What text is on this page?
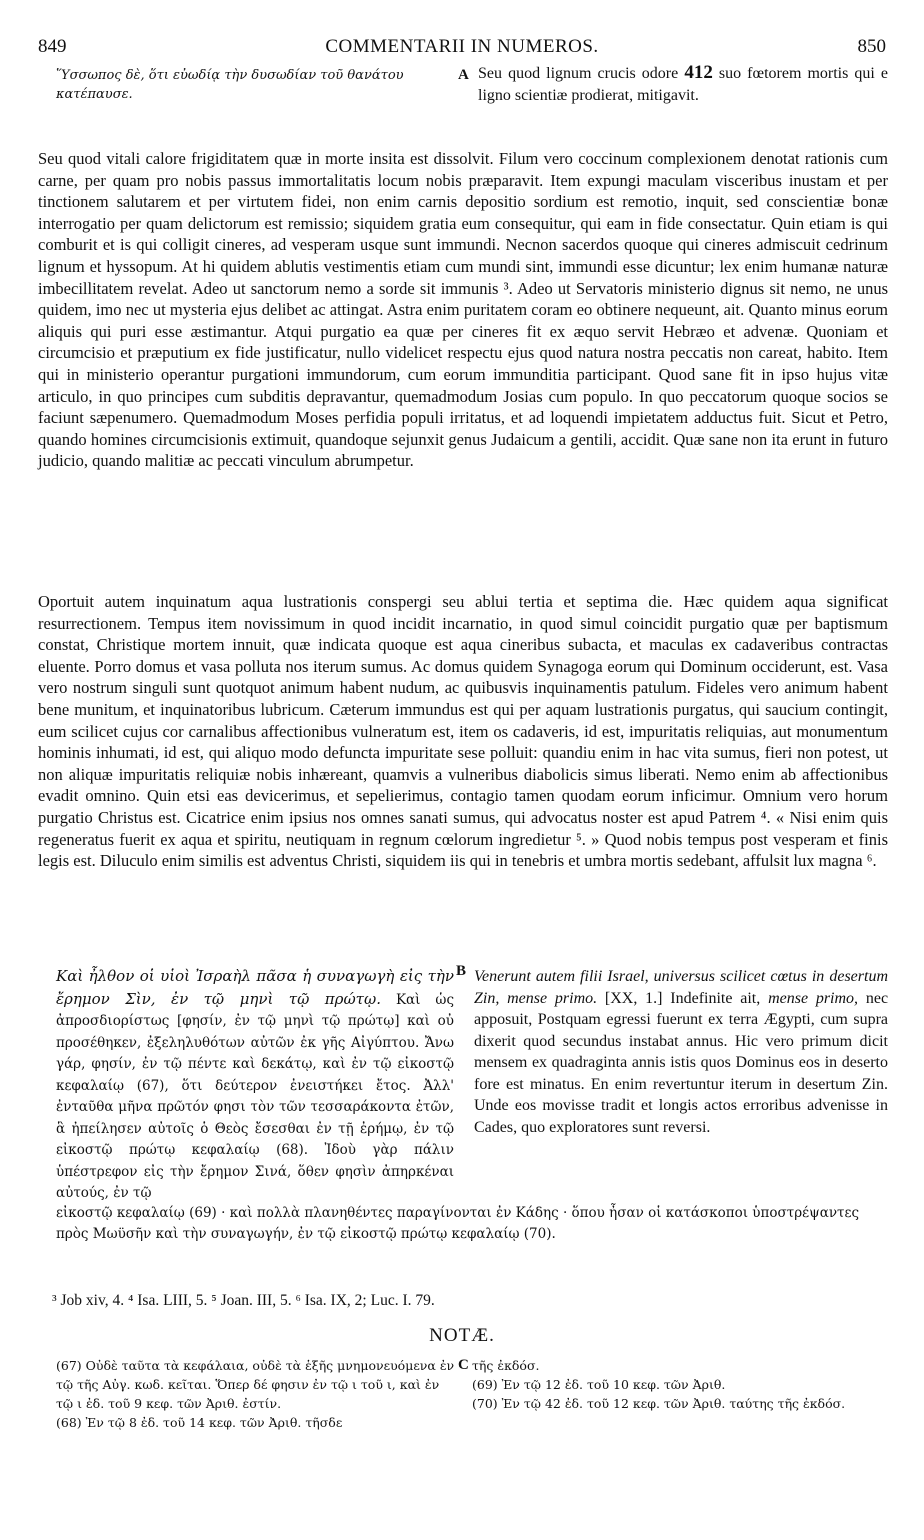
849	COMMENTARII IN NUMEROS.	850
Ὕσσωπος δὲ, ὅτι εὐωδίᾳ τὴν δυσωδίαν τοῦ θανάτου κατέπαυσε.
A Seu quod lignum crucis odore 412 suo fœtorem mortis qui e ligno scientiæ prodierat, mitigavit.

Seu quod vitali calore frigiditatem quæ in morte insita est dissolvit. Filum vero coccinum complexionem denotat rationis cum carne, per quam pro nobis passus immortalitatis locum nobis præparavit. Item expungi maculam visceribus inustam et per tinctionem salutarem et per virtutem fidei, non enim carnis depositio sordium est remotio, inquit, sed conscientiæ bonæ interrogatio per quam delictorum est remissio; siquidem gratia eum consequitur, qui eam in fide consectatur. Quin etiam is qui comburit et is qui colligit cineres, ad vesperam usque sunt immundi. Necnon sacerdos quoque qui cineres admiscuit cedrinum lignum et hyssopum. At hi quidem ablutis vestimentis etiam cum mundi sint, immundi esse dicuntur; lex enim humanæ naturæ imbecillitatem revelat. Adeo ut sanctorum nemo a sorde sit immunis ³. Adeo ut Servatoris ministerio dignus sit nemo, ne unus quidem, imo nec ut mysteria ejus delibet ac attingat. Astra enim puritatem coram eo obtinere nequeunt, ait. Quanto minus eorum aliquis qui puri esse æstimantur. Atqui purgatio ea quæ per cineres fit ex æquo servit Hebræo et advenæ. Quoniam et circumcisio et præputium ex fide justificatur, nullo videlicet respectu ejus quod natura nostra peccatis non careat, habito. Item qui in ministerio operantur purgationi immundorum, cum eorum immunditia participant. Quod sane fit in ipso hujus vitæ articulo, in quo principes cum subditis depravantur, quemadmodum Josias cum populo. In quo peccatorum quoque socios se faciunt sæpenumero. Quemadmodum Moses perfidia populi irritatus, et ad loquendi impietatem adductus fuit. Sicut et Petro, quando homines circumcisionis extimuit, quandoque sejunxit genus Judaicum a gentili, accidit. Quæ sane non ita erunt in futuro judicio, quando malitiæ ac peccati vinculum abrumpetur.

Oportuit autem inquinatum aqua lustrationis conspergi seu ablui tertia et septima die. Hæc quidem aqua significat resurrectionem. Tempus item novissimum in quod incidit incarnatio, in quod simul coincidit purgatio quæ per baptismum constat, Christique mortem innuit, quæ indicata quoque est aqua cineribus subacta, et maculas ex cadaveribus contractas eluente. Porro domus et vasa polluta nos iterum sumus. Ac domus quidem Synagoga eorum qui Dominum occiderunt, est. Vasa vero nostrum singuli sunt quotquot animum habent nudum, ac quibusvis inquinamentis patulum. Fideles vero animum habent bene munitum, et inquinatoribus lubricum. Cæterum immundus est qui per aquam lustrationis purgatus, qui saucium contingit, eum scilicet cujus cor carnalibus affectionibus vulneratum est, item os cadaveris, id est, impuritatis reliquias, aut monumentum hominis inhumati, id est, qui aliquo modo defuncta impuritate sese polluit: quandiu enim in hac vita sumus, fieri non potest, ut non aliquæ impuritatis reliquiæ nobis inhæreant, quamvis a vulneribus diabolicis simus liberati. Nemo enim ab affectionibus evadit omnino. Quin etsi eas devicerimus, et sepelierimus, contagio tamen quodam eorum inficimur. Omnium vero horum purgatio Christus est. Cicatrice enim ipsius nos omnes sanati sumus, qui advocatus noster est apud Patrem ⁴. « Nisi enim quis regeneratus fuerit ex aqua et spiritu, neutiquam in regnum cœlorum ingredietur ⁵. » Quod nobis tempus post vesperam et finis legis est. Diluculo enim similis est adventus Christi, siquidem iis qui in tenebris et umbra mortis sedebant, affulsit lux magna ⁶.

Καὶ ἦλθον οἱ υἱοὶ Ἰσραὴλ πᾶσα ἡ συναγωγὴ εἰς τὴν ἔρημον Σὶν, ἐν τῷ μηνὶ τῷ πρώτῳ. Καὶ ὡς ἀπροσδιορίστως [φησίν, ἐν τῷ μηνὶ τῷ πρώτῳ] καὶ οὐ προσέθηκεν, ἐξεληλυθότων αὐτῶν ἐκ γῆς Αἰγύπτου. Ἄνω γάρ, φησίν, ἐν τῷ πέντε καὶ δεκάτῳ, καὶ ἐν τῷ εἰκοστῷ κεφαλαίῳ (67), ὅτι δεύτερον ἐνειστήκει ἔτος. Ἀλλ' ἐνταῦθα μῆνα πρῶτόν φησι τὸν τῶν τεσσαράκοντα ἐτῶν, ἃ ἠπείλησεν αὐτοῖς ὁ Θεὸς ἔσεσθαι ἐν τῇ ἐρήμῳ, ἐν τῷ εἰκοστῷ πρώτῳ κεφαλαίῳ (68). Ἰδοὺ γὰρ πάλιν ὑπέστρεφον εἰς τὴν ἔρημον Σινά, ὅθεν φησὶν ἀπηρκέναι αὐτούς, ἐν τῷ
B Venerunt autem filii Israel, universus scilicet cœtus in desertum Zin, mense primo. [XX, 1.] Indefinite ait, mense primo, nec apposuit, Postquam egressi fuerunt ex terra Ægypti, cum supra dixerit quod secundus instabat annus. Hic vero primum dicit mensem ex quadraginta annis istis quos Dominus eos in deserto fore est minatus. En enim revertuntur iterum in desertum Zin. Unde eos movisse tradit et longis actos erroribus advenisse in Cades, quo exploratores sunt reversi.
εἰκοστῷ κεφαλαίῳ (69) · καὶ πολλὰ πλανηθέντες παραγίνονται ἐν Κάδης · ὅπου ἦσαν οἱ κατάσκοποι ὑποστρέψαντες πρὸς Μωϋσῆν καὶ τὴν συναγωγήν, ἐν τῷ εἰκοστῷ πρώτῳ κεφαλαίῳ (70).
³ Job xiv, 4. ⁴ Isa. LIII, 5. ⁵ Joan. III, 5. ⁶ Isa. IX, 2; Luc. I. 79.
NOTÆ.

(67) Οὐδὲ ταῦτα τὰ κεφάλαια, οὐδὲ τὰ ἑξῆς μνημονευόμενα ἐν τῷ τῆς Αὐγ. κωδ. κεῖται. Ὅπερ δέ φησιν ἐν τῷ ι τοῦ ι, καὶ ἐν τῷ ι ἐδ. τοῦ 9 κεφ. τῶν Ἀριθ. ἐστίν.

(68) Ἐν τῷ 8 ἐδ. τοῦ 14 κεφ. τῶν Ἀριθ. τῆσδε

C τῆς ἐκδόσ.

(69) Ἐν τῷ 12 ἐδ. τοῦ 10 κεφ. τῶν Ἀριθ.

(70) Ἐν τῷ 42 ἐδ. τοῦ 12 κεφ. τῶν Ἀριθ. ταύτης τῆς ἐκδόσ.
